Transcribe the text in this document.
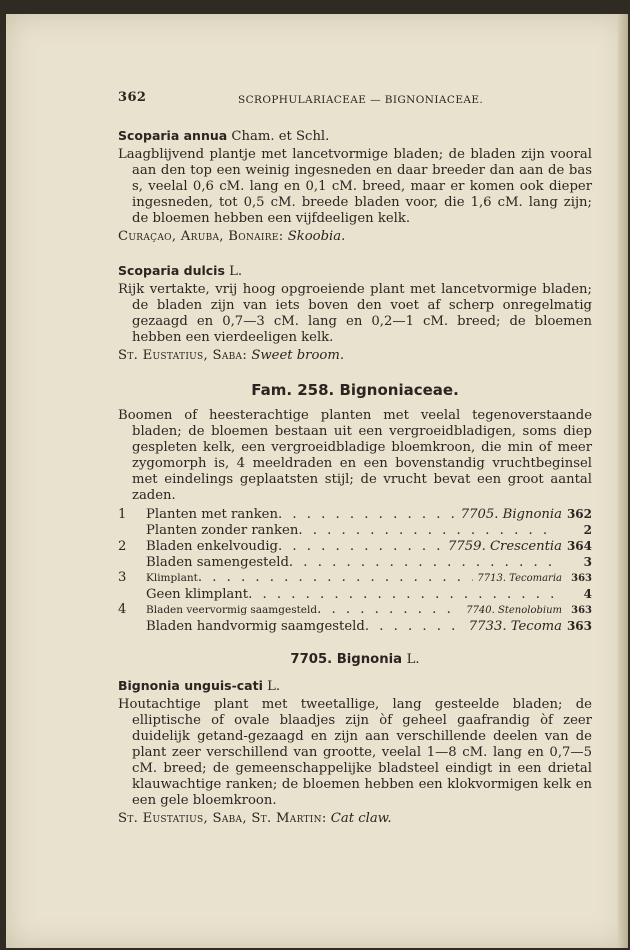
362	SCROPHULARIACEAE — BIGNONIACEAE.

Scoparia annua Cham. et Schl.

Laagblijvend plantje met lancetvormige bladen; de bladen zijn vooral aan den top een weinig ingesneden en daar breeder dan aan de bas s, veelal 0,6 cM. lang en 0,1 cM. breed, maar er komen ook dieper ingesneden, tot 0,5 cM. breede bladen voor, die 1,6 cM. lang zijn; de bloemen hebben een vijfdeeligen kelk.

Curaçao, Aruba, Bonaire: Skoobia.

Scoparia dulcis L.

Rijk vertakte, vrij hoog opgroeiende plant met lancetvormige bladen; de bladen zijn van iets boven den voet af scherp onregelmatig gezaagd en 0,7—3 cM. lang en 0,2—1 cM. breed; de bloemen hebben een vierdeeligen kelk.

St. Eustatius, Saba: Sweet broom.

Fam. 258. Bignoniaceae.

Boomen of heesterachtige planten met veelal tegenoverstaande bladen; de bloemen bestaan uit een vergroeidbladigen, soms diep gespleten kelk, een vergroeidbladige bloemkroon, die min of meer zygomorph is, 4 meeldraden en een bovenstandig vruchtbeginsel met eindelings geplaatsten stijl; de vrucht bevat een groot aantal zaden.

1	Planten met ranken . . .	7705. Bignonia 362
Planten zonder ranken . . .	2
2	Bladen enkelvoudig . . .	7759. Crescentia 364
Bladen samengesteld . . .	3
3	Klimplant . . .	7713. Tecomaria 363
Geen klimplant . . .	4
4	Bladen veervormig saamgesteld . . .	7740. Stenolobium 363
Bladen handvormig saamgesteld . . .	7733. Tecoma 363

7705. Bignonia L.

Bignonia unguis-cati L.

Houtachtige plant met tweetallige, lang gesteelde bladen; de elliptische of ovale blaadjes zijn òf geheel gaafrandig òf zeer duidelijk getand-gezaagd en zijn aan verschillende deelen van de plant zeer verschillend van grootte, veelal 1—8 cM. lang en 0,7—5 cM. breed; de gemeenschappelijke bladsteel eindigt in een drietal klauwachtige ranken; de bloemen hebben een klokvormigen kelk en een gele bloemkroon.

St. Eustatius, Saba, St. Martin: Cat claw.
